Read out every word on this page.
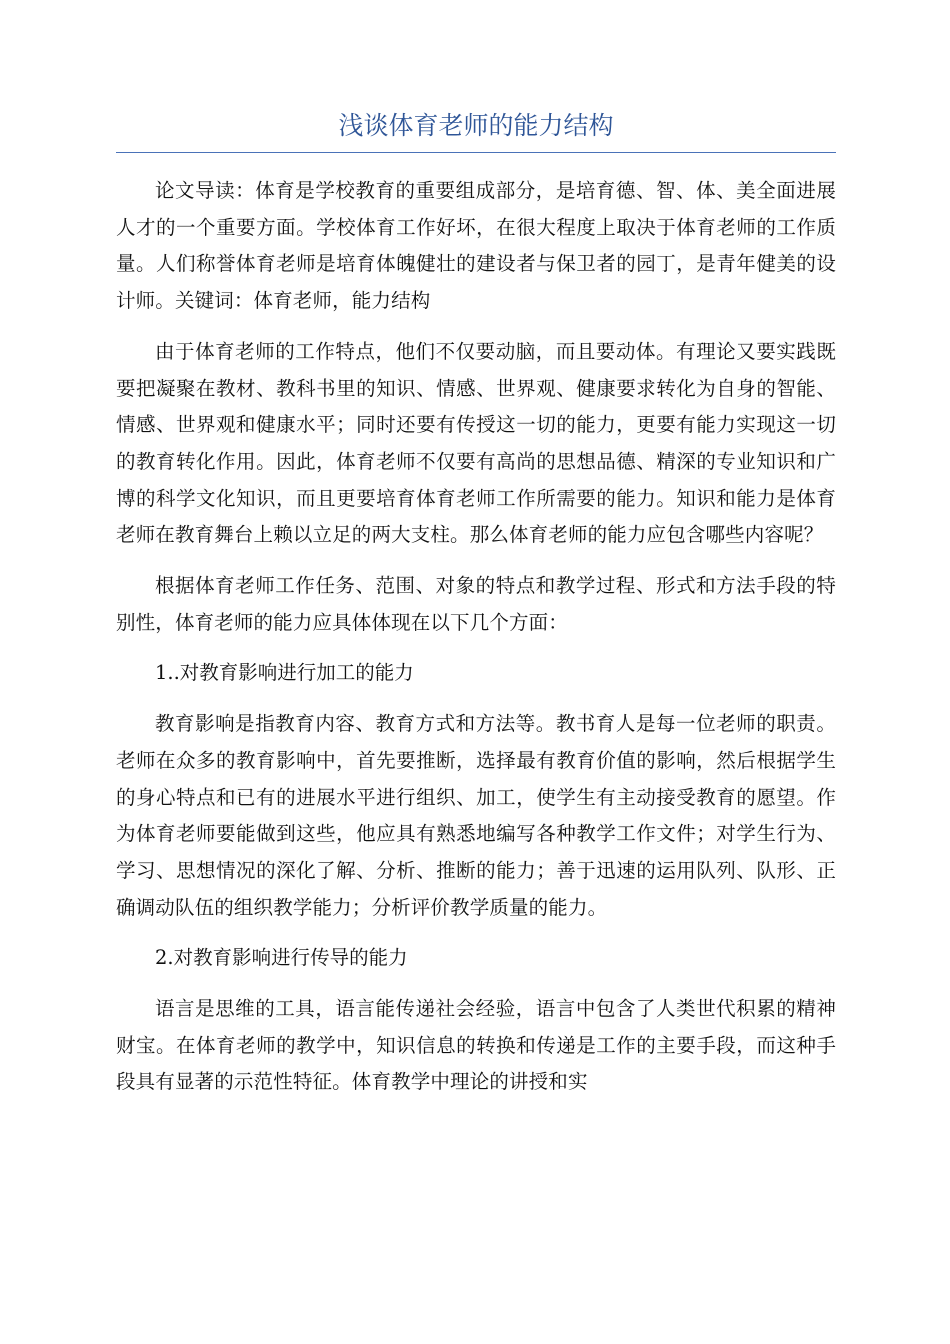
浅谈体育老师的能力结构

论文导读：体育是学校教育的重要组成部分，是培育德、智、体、美全面进展人才的一个重要方面。学校体育工作好坏，在很大程度上取决于体育老师的工作质量。人们称誉体育老师是培育体魄健壮的建设者与保卫者的园丁，是青年健美的设计师。关键词：体育老师，能力结构

由于体育老师的工作特点，他们不仅要动脑，而且要动体。有理论又要实践既要把凝聚在教材、教科书里的知识、情感、世界观、健康要求转化为自身的智能、情感、世界观和健康水平；同时还要有传授这一切的能力，更要有能力实现这一切的教育转化作用。因此，体育老师不仅要有高尚的思想品德、精深的专业知识和广博的科学文化知识，而且更要培育体育老师工作所需要的能力。知识和能力是体育老师在教育舞台上赖以立足的两大支柱。那么体育老师的能力应包含哪些内容呢？

根据体育老师工作任务、范围、对象的特点和教学过程、形式和方法手段的特别性，体育老师的能力应具体体现在以下几个方面：

1..对教育影响进行加工的能力

教育影响是指教育内容、教育方式和方法等。教书育人是每一位老师的职责。老师在众多的教育影响中，首先要推断，选择最有教育价值的影响，然后根据学生的身心特点和已有的进展水平进行组织、加工，使学生有主动接受教育的愿望。作为体育老师要能做到这些，他应具有熟悉地编写各种教学工作文件；对学生行为、学习、思想情况的深化了解、分析、推断的能力；善于迅速的运用队列、队形、正确调动队伍的组织教学能力；分析评价教学质量的能力。

2.对教育影响进行传导的能力

语言是思维的工具，语言能传递社会经验，语言中包含了人类世代积累的精神财宝。在体育老师的教学中，知识信息的转换和传递是工作的主要手段，而这种手段具有显著的示范性特征。体育教学中理论的讲授和实
